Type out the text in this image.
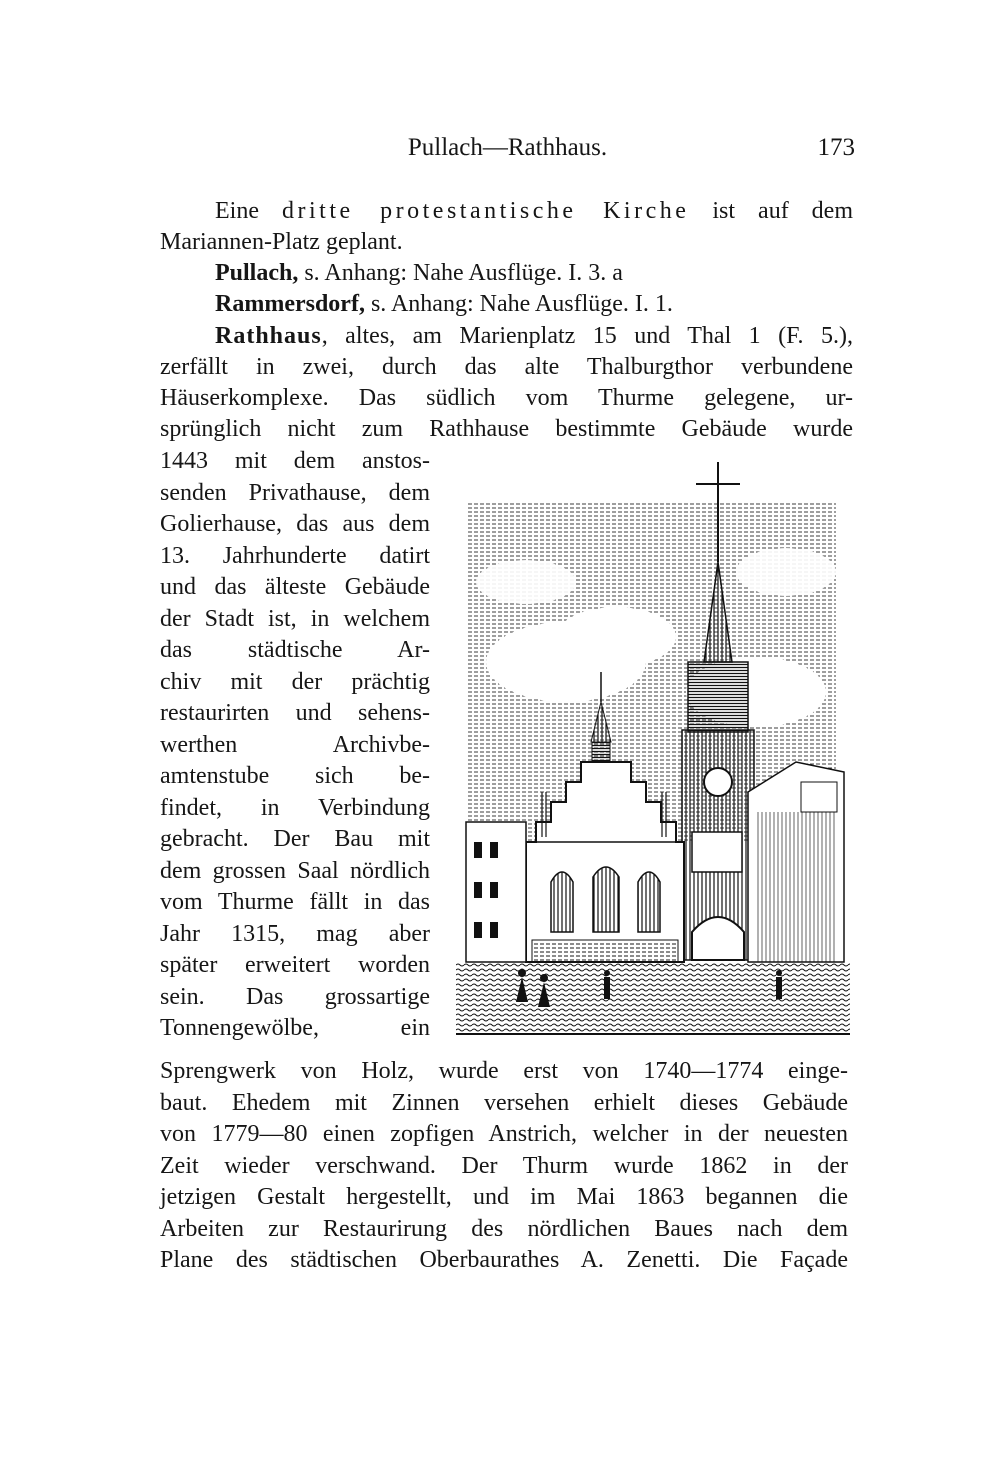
Pullach—Rathhaus.	173
Eine dritte protestantische Kirche ist auf dem
Mariannen-Platz geplant.
Pullach, s. Anhang: Nahe Ausflüge. I. 3. a
Rammersdorf, s. Anhang: Nahe Ausflüge. I. 1.
Rathhaus, altes, am Marienplatz 15 und Thal 1 (F. 5.),
zerfällt in zwei, durch das alte Thalburgthor verbundene
Häuserkomplexe. Das südlich vom Thurme gelegene, ur-
sprünglich nicht zum Rathhause bestimmte Gebäude wurde
1443 mit dem anstos-
senden Privathause, dem
Golierhause, das aus dem
13. Jahrhunderte datirt
und das älteste Gebäude
der Stadt ist, in welchem
das städtische Ar-
chiv mit der prächtig
restaurirten und sehens-
werthen Archivbe-
amtenstube sich be-
findet, in Verbindung
gebracht. Der Bau mit
dem grossen Saal nördlich
vom Thurme fällt in das
Jahr 1315, mag aber
später erweitert worden
sein. Das grossartige
Tonnengewölbe, ein
Sprengwerk von Holz, wurde erst von 1740—1774 einge-
baut. Ehedem mit Zinnen versehen erhielt dieses Gebäude
von 1779—80 einen zopfigen Anstrich, welcher in der neuesten
Zeit wieder verschwand. Der Thurm wurde 1862 in der
jetzigen Gestalt hergestellt, und im Mai 1863 begannen die
Arbeiten zur Restaurirung des nördlichen Baues nach dem
Plane des städtischen Oberbaurathes A. Zenetti. Die Façade
